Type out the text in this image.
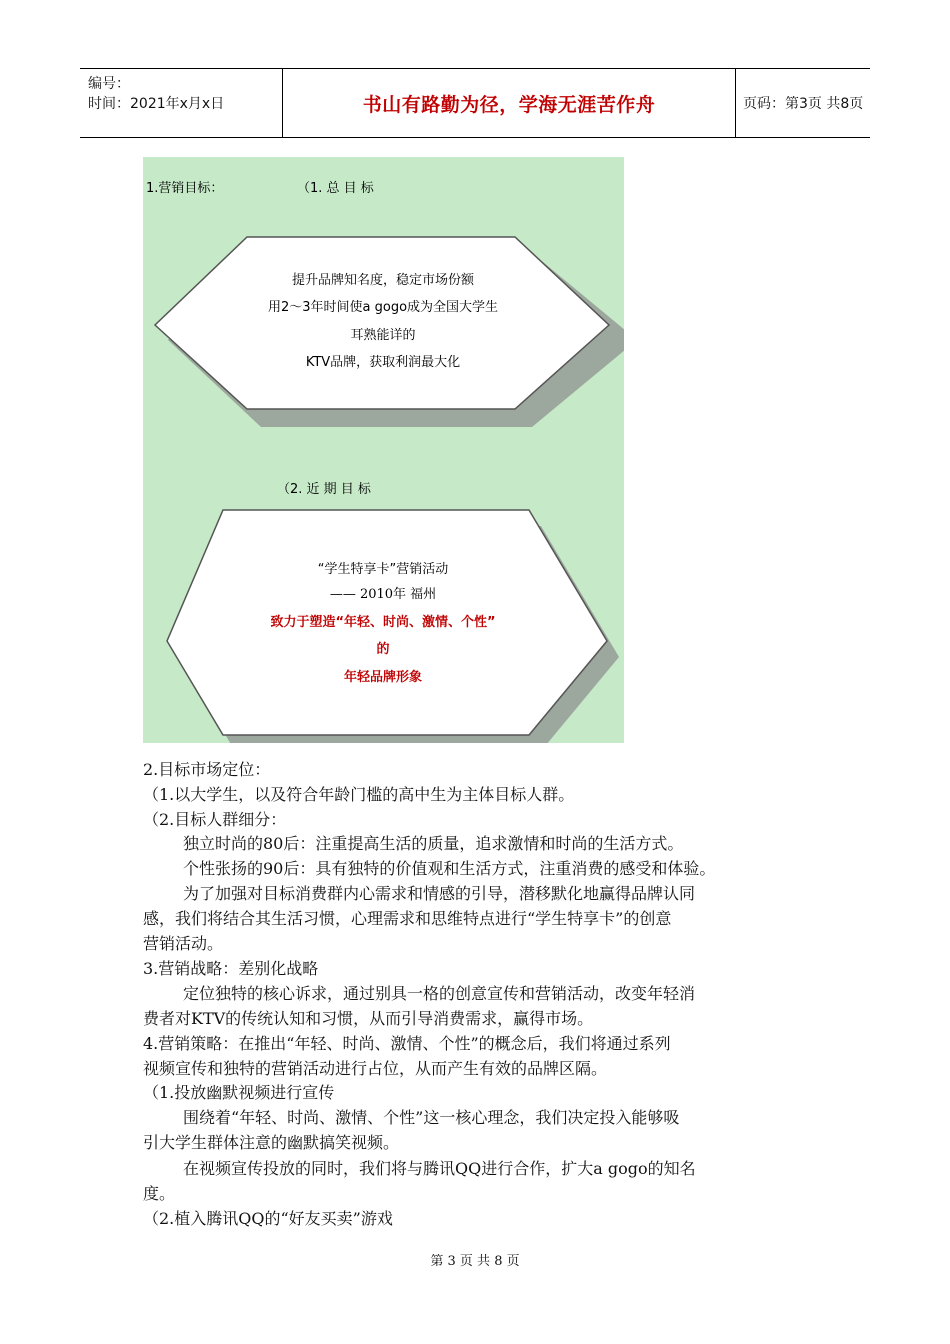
编号：
时间：2021年x月x日	书山有路勤为径，学海无涯苦作舟	页码：第3页 共8页
1.营销目标：	（1. 总 目 标
提升品牌知名度，稳定市场份额
用2～3年时间使a gogo成为全国大学生
耳熟能详的
KTV品牌，获取利润最大化
（2. 近 期 目 标
“学生特享卡”营销活动
—— 2010年 福州
致力于塑造“年轻、时尚、激情、个性”
的
年轻品牌形象
2.目标市场定位：
（1.以大学生，以及符合年龄门槛的高中生为主体目标人群。
（2.目标人群细分：
独立时尚的80后：注重提高生活的质量，追求激情和时尚的生活方式。
个性张扬的90后：具有独特的价值观和生活方式，注重消费的感受和体验。
为了加强对目标消费群内心需求和情感的引导，潜移默化地赢得品牌认同
感，我们将结合其生活习惯，心理需求和思维特点进行“学生特享卡”的创意
营销活动。
3.营销战略：差别化战略
定位独特的核心诉求，通过别具一格的创意宣传和营销活动，改变年轻消
费者对KTV的传统认知和习惯，从而引导消费需求，赢得市场。
4.营销策略：在推出“年轻、时尚、激情、个性”的概念后，我们将通过系列
视频宣传和独特的营销活动进行占位，从而产生有效的品牌区隔。
（1.投放幽默视频进行宣传
围绕着“年轻、时尚、激情、个性”这一核心理念，我们决定投入能够吸
引大学生群体注意的幽默搞笑视频。
在视频宣传投放的同时，我们将与腾讯QQ进行合作，扩大a gogo的知名
度。
（2.植入腾讯QQ的“好友买卖”游戏
第 3 页 共 8 页
